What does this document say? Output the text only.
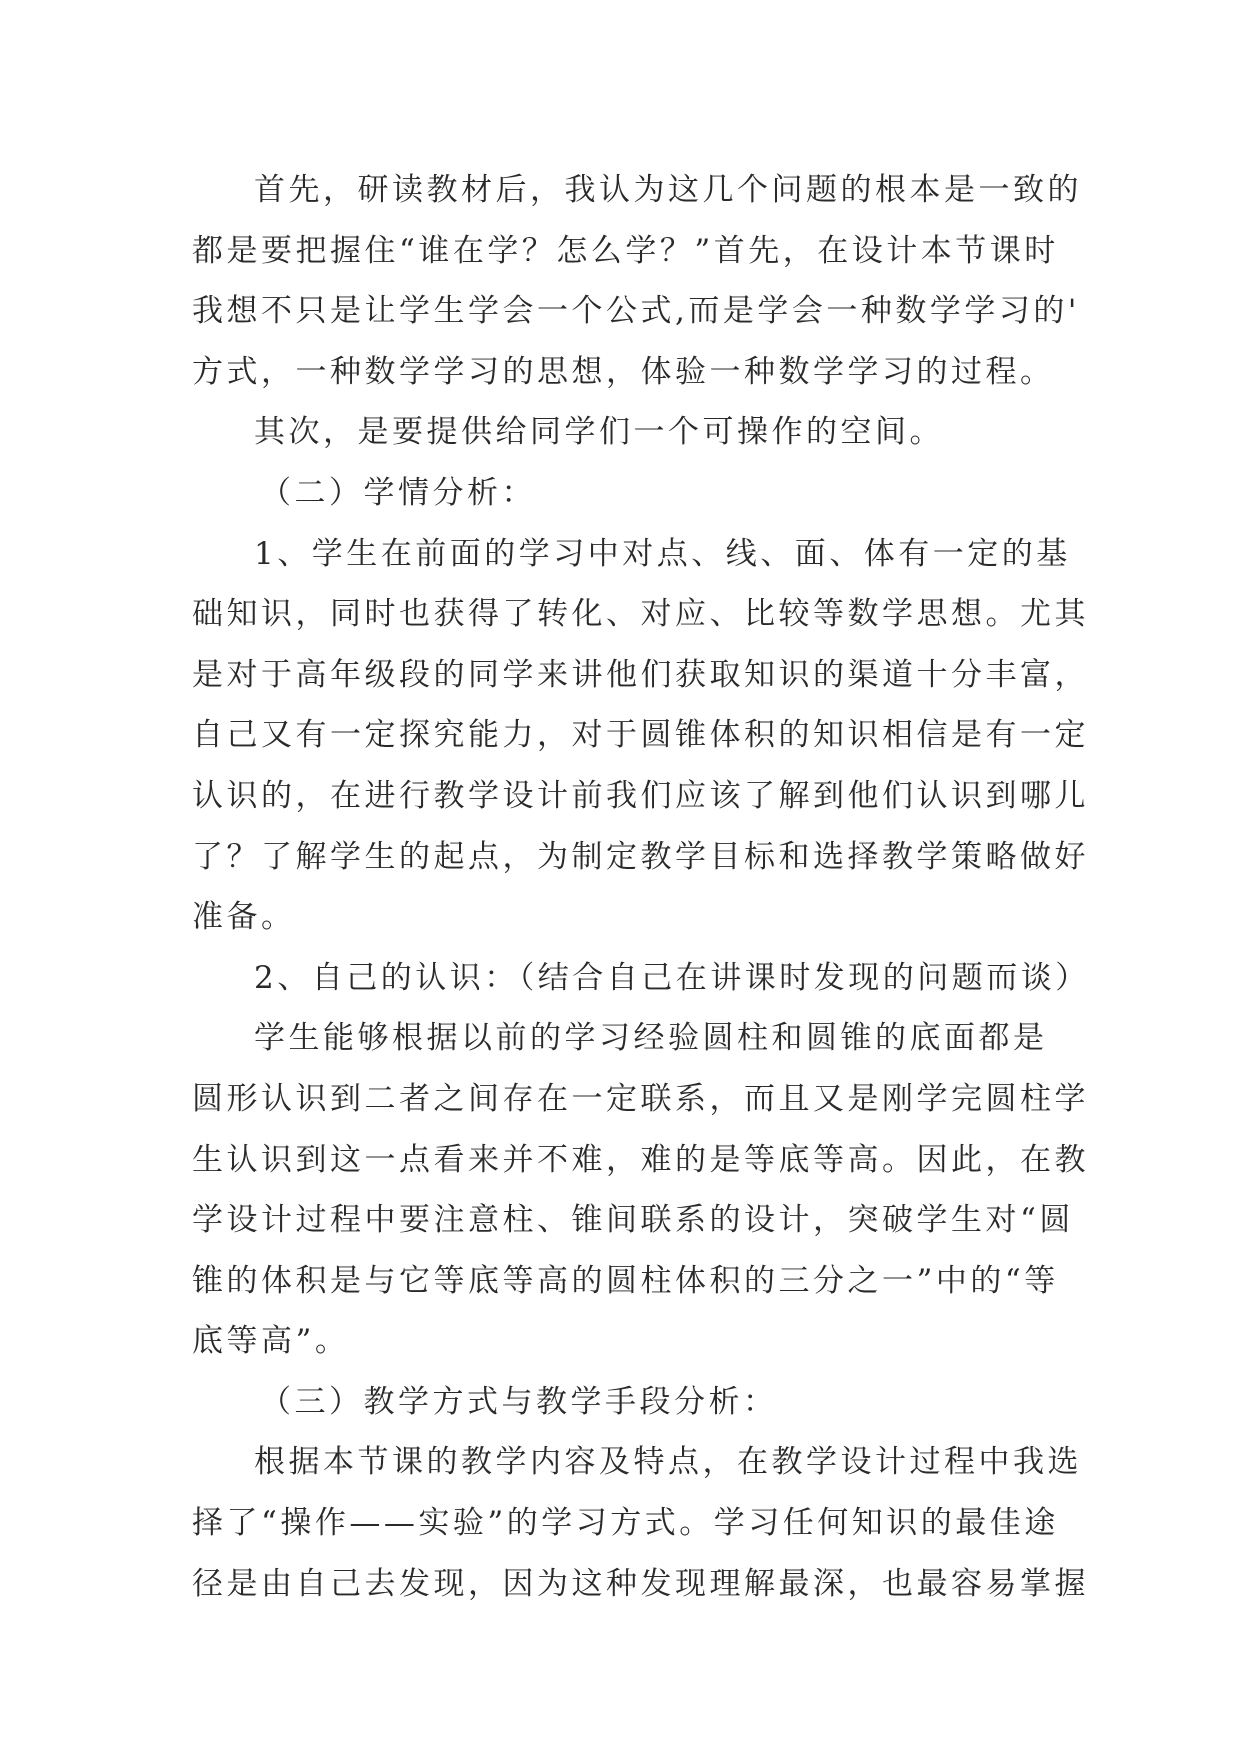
首先，研读教材后，我认为这几个问题的根本是一致的
都是要把握住“谁在学？怎么学？”首先，在设计本节课时
我想不只是让学生学会一个公式,而是学会一种数学学习的'
方式，一种数学学习的思想，体验一种数学学习的过程。
其次，是要提供给同学们一个可操作的空间。
（二）学情分析：
1、学生在前面的学习中对点、线、面、体有一定的基
础知识，同时也获得了转化、对应、比较等数学思想。尤其
是对于高年级段的同学来讲他们获取知识的渠道十分丰富，
自己又有一定探究能力，对于圆锥体积的知识相信是有一定
认识的，在进行教学设计前我们应该了解到他们认识到哪儿
了？了解学生的起点，为制定教学目标和选择教学策略做好
准备。
2、自己的认识：（结合自己在讲课时发现的问题而谈）
学生能够根据以前的学习经验圆柱和圆锥的底面都是
圆形认识到二者之间存在一定联系，而且又是刚学完圆柱学
生认识到这一点看来并不难，难的是等底等高。因此，在教
学设计过程中要注意柱、锥间联系的设计，突破学生对“圆
锥的体积是与它等底等高的圆柱体积的三分之一”中的“等
底等高”。
（三）教学方式与教学手段分析：
根据本节课的教学内容及特点，在教学设计过程中我选
择了“操作——实验”的学习方式。学习任何知识的最佳途
径是由自己去发现，因为这种发现理解最深，也最容易掌握
